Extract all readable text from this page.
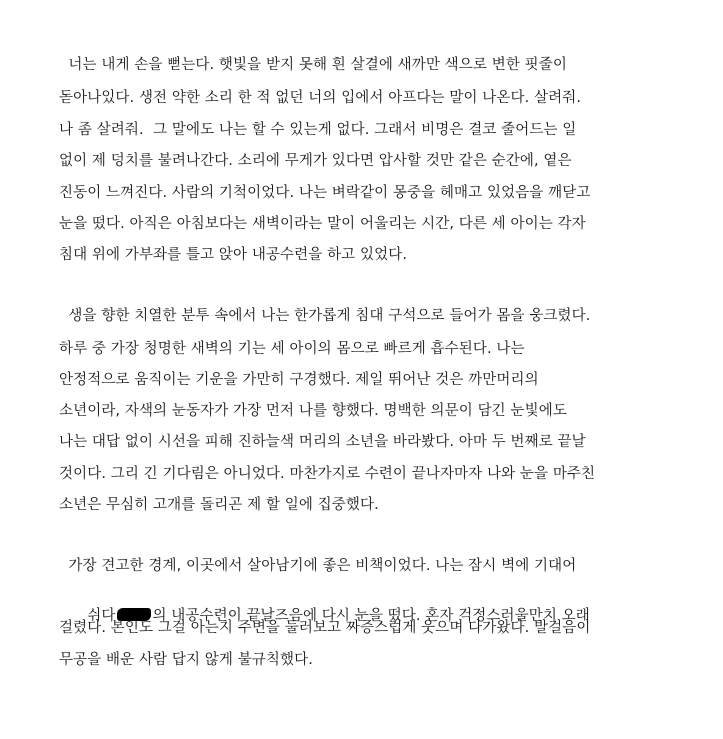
너는 내게 손을 뻗는다. 햇빛을 받지 못해 흰 살결에 새까만 색으로 변한 핏줄이
돋아나있다. 생전 약한 소리 한 적 없던 너의 입에서 아프다는 말이 나온다. 살려줘.
나 좀 살려줘.  그 말에도 나는 할 수 있는게 없다. 그래서 비명은 결코 줄어드는 일
없이 제 덩치를 불려나간다. 소리에 무게가 있다면 압사할 것만 같은 순간에, 옅은
진동이 느껴진다. 사람의 기척이었다. 나는 벼락같이 몽중을 헤매고 있었음을 깨닫고
눈을 떴다. 아직은 아침보다는 새벽이라는 말이 어울리는 시간, 다른 세 아이는 각자
침대 위에 가부좌를 틀고 앉아 내공수련을 하고 있었다.
생을 향한 치열한 분투 속에서 나는 한가롭게 침대 구석으로 들어가 몸을 웅크렸다.
하루 중 가장 청명한 새벽의 기는 세 아이의 몸으로 빠르게 흡수된다. 나는
안정적으로 움직이는 기운을 가만히 구경했다. 제일 뛰어난 것은 까만머리의
소년이라, 자색의 눈동자가 가장 먼저 나를 향했다. 명백한 의문이 담긴 눈빛에도
나는 대답 없이 시선을 피해 진하늘색 머리의 소년을 바라봤다. 아마 두 번째로 끝날
것이다. 그리 긴 기다림은 아니었다. 마찬가지로 수련이 끝나자마자 나와 눈을 마주친
소년은 무심히 고개를 돌리곤 제 할 일에 집중했다.
가장 견고한 경계, 이곳에서 살아남기에 좋은 비책이었다. 나는 잠시 벽에 기대어

쉬다	의 내공수련이 끝날즈음에 다시 눈을 떴다. 혼자 걱정스러울만치 오래

걸렸다. 본인도 그걸 아는지 주변을 둘러보고 짜증스럽게 웃으며 다가왔다. 발걸음이
무공을 배운 사람 답지 않게 불규칙했다.
